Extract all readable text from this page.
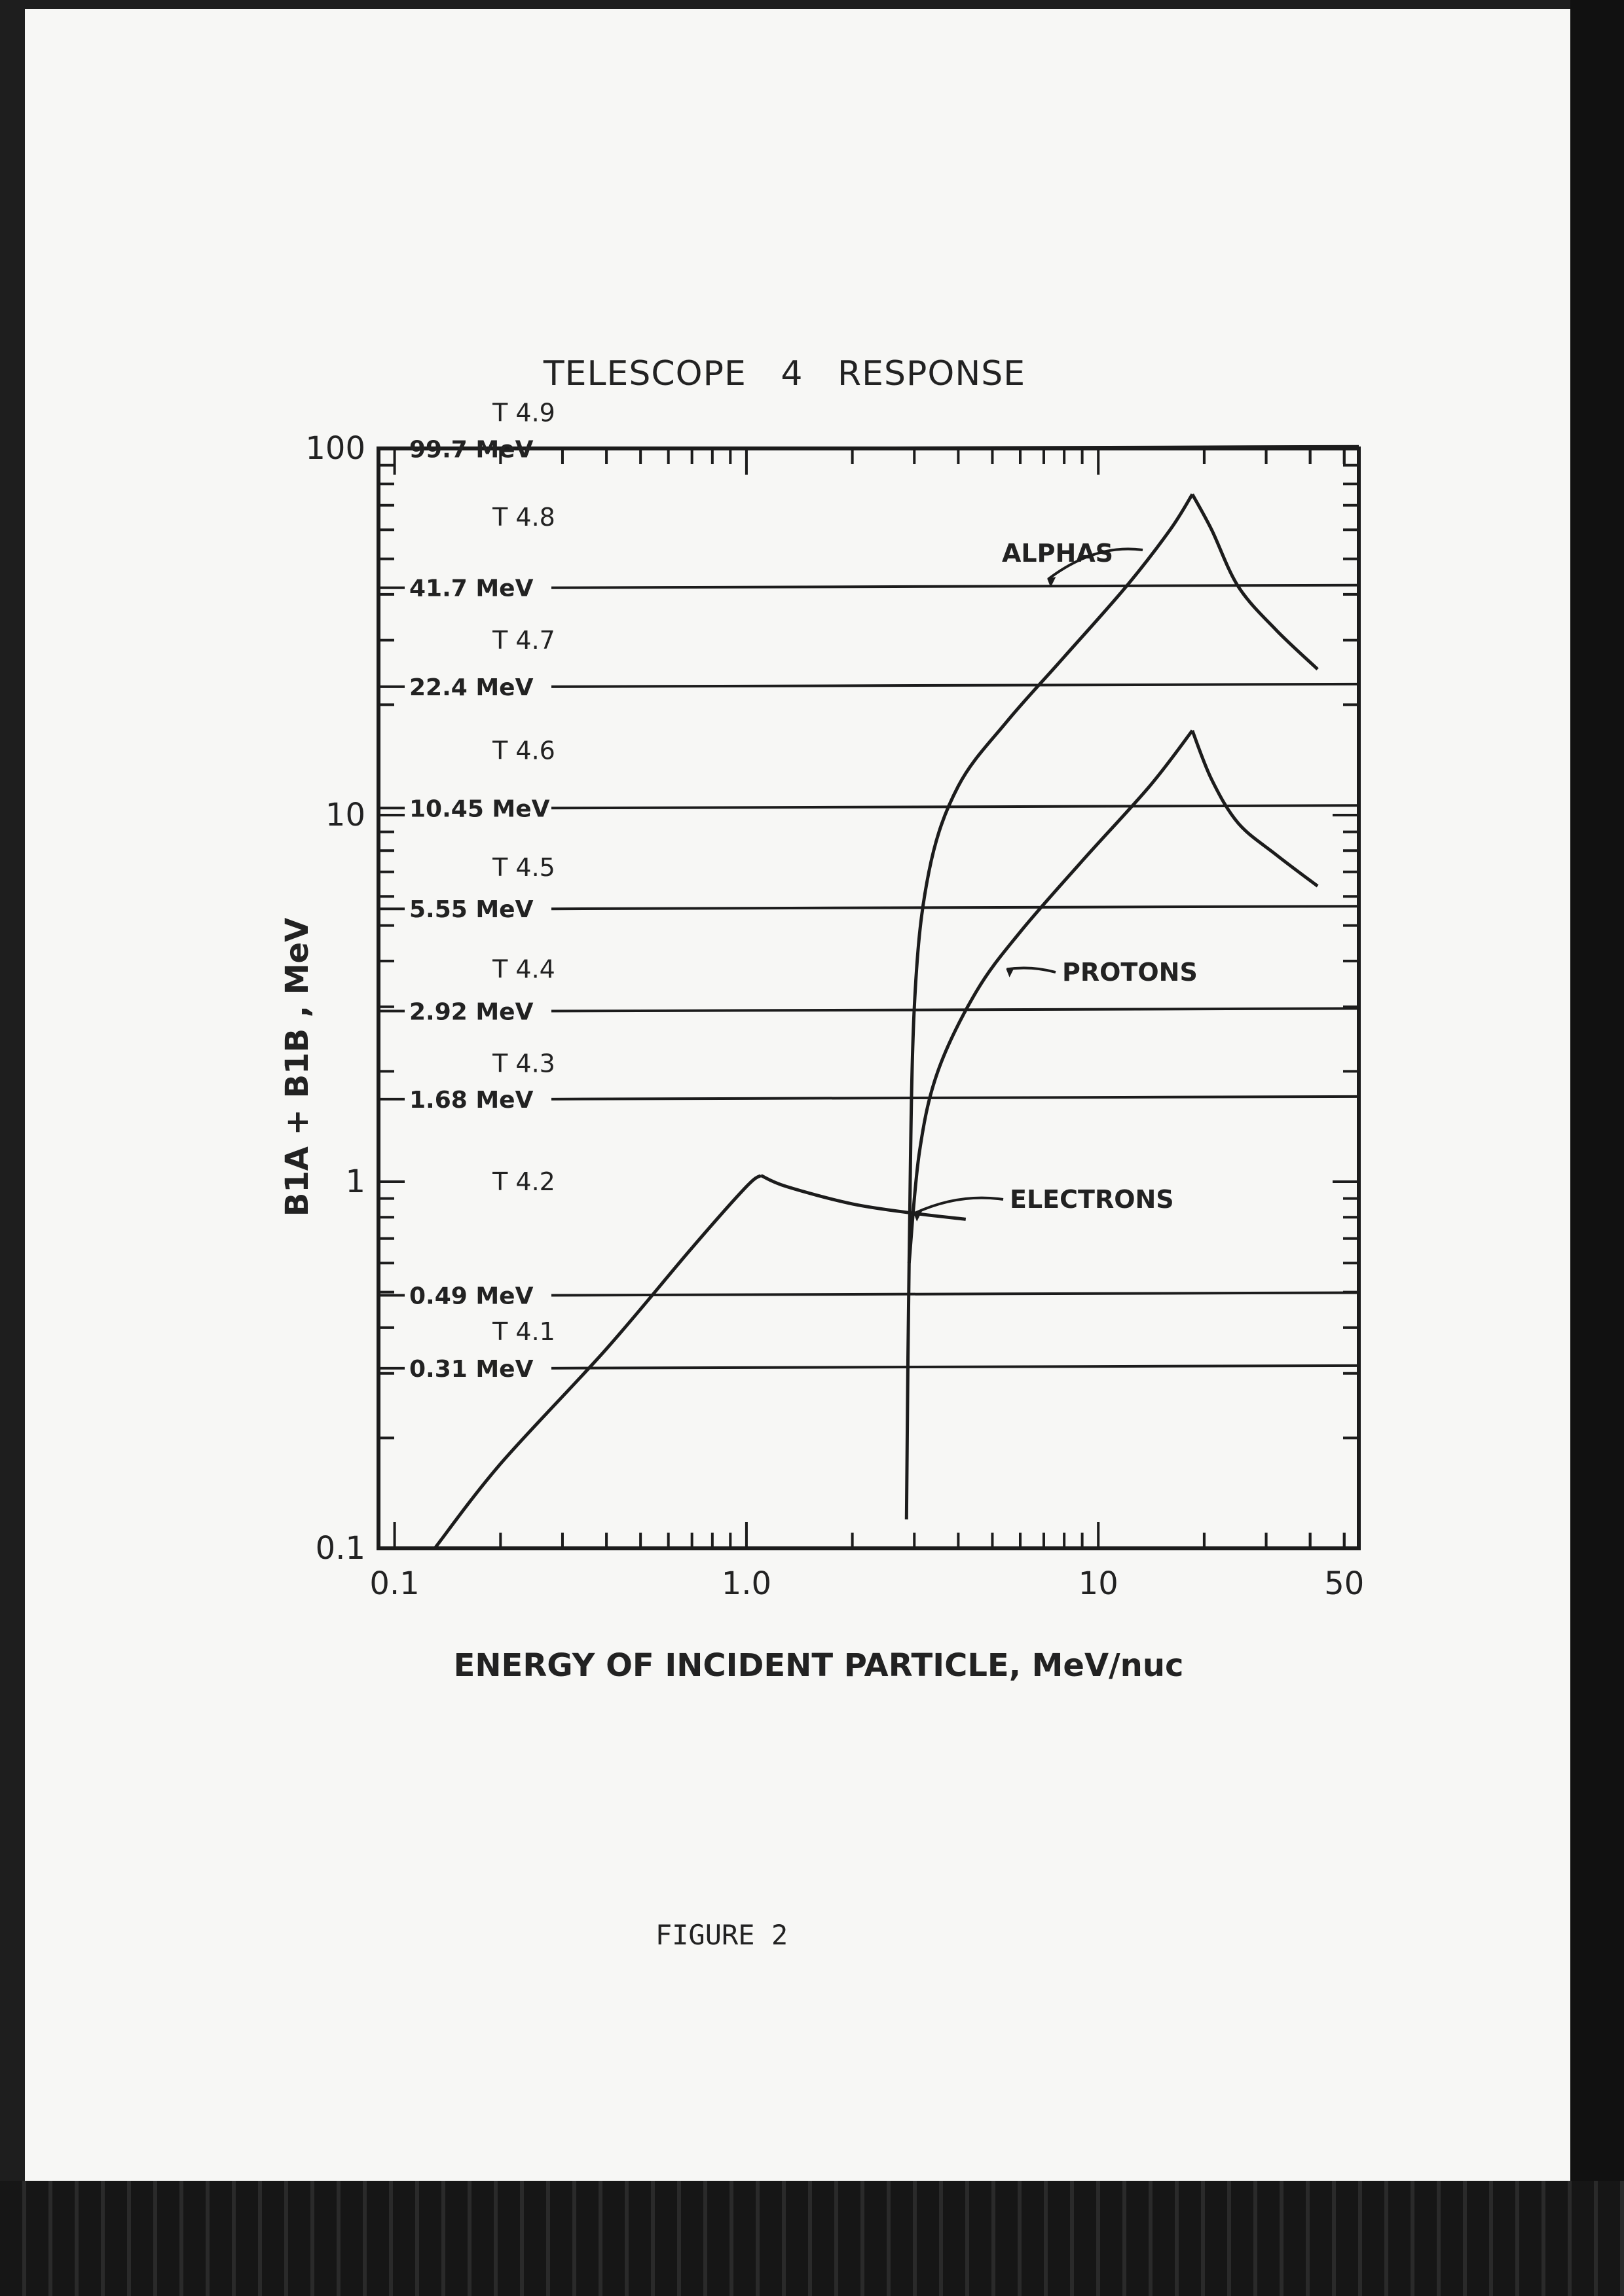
TELESCOPE   4   RESPONSE
0.1	1.0	10	50
0.1
1
10
100 99.7 MeV
41.7 MeV
22.4 MeV
10.45 MeV
5.55 MeV
2.92 MeV
1.68 MeV
0.49 MeV
0.31 MeV
T 4.9
T 4.8
T 4.7
T 4.6
T 4.5
T 4.4
T 4.3
T 4.2
T 4.1
ALPHAS
PROTONS
ELECTRONS
ENERGY OF INCIDENT PARTICLE, MeV/nuc
B1A + B1B , MeV
FIGURE 2
